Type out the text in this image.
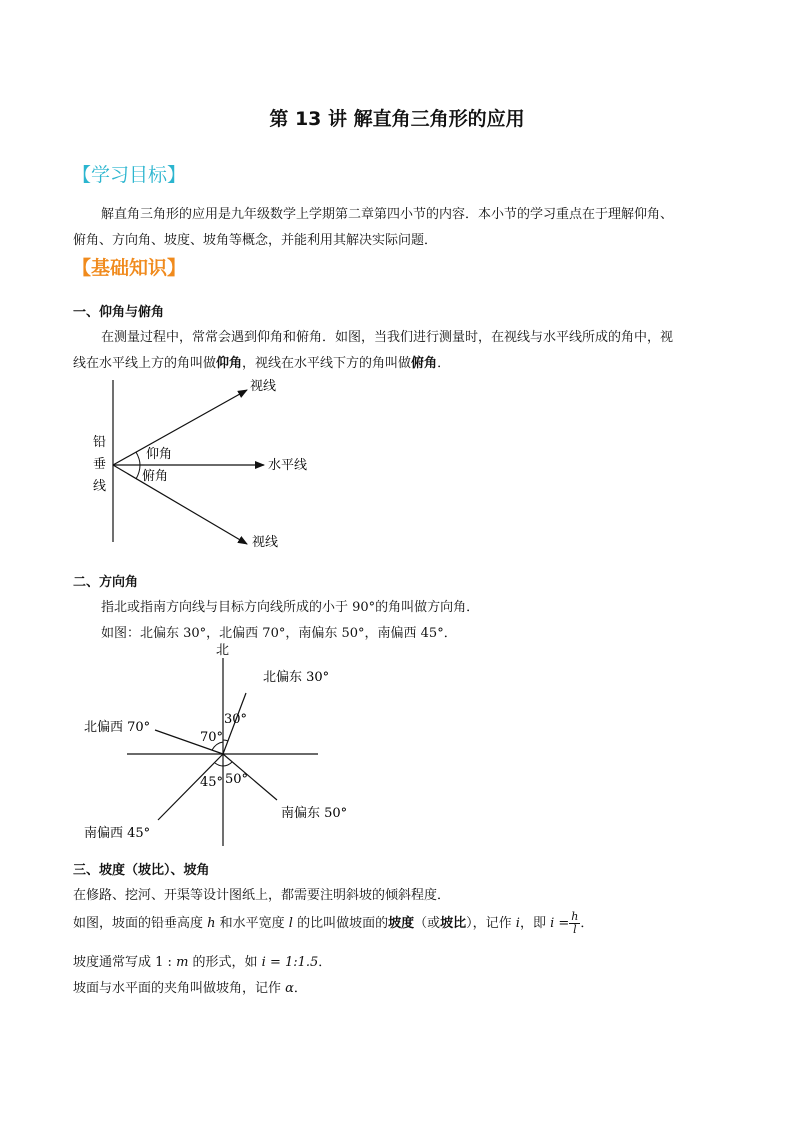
第 13 讲 解直角三角形的应用
【学习目标】
解直角三角形的应用是九年级数学上学期第二章第四小节的内容．本小节的学习重点在于理解仰角、
俯角、方向角、坡度、坡角等概念，并能利用其解决实际问题．
【基础知识】
一、仰角与俯角
在测量过程中，常常会遇到仰角和俯角．如图，当我们进行测量时，在视线与水平线所成的角中，视
线在水平线上方的角叫做仰角，视线在水平线下方的角叫做俯角．
视线
视线
水平线
铅
垂
线
仰角
俯角
二、方向角
指北或指南方向线与目标方向线所成的小于 90°的角叫做方向角．
如图：北偏东 30°，北偏西 70°，南偏东 50°，南偏西 45°．
北
北偏东 30°
北偏西 70°
南偏东 50°
南偏西 45°
30°
70°
45° 50°
三、坡度（坡比）、坡角
在修路、挖河、开渠等设计图纸上，都需要注明斜坡的倾斜程度．
如图，坡面的铅垂高度 h 和水平宽度 l 的比叫做坡面的坡度（或坡比），记作 i，即 $i = \frac{h}{l}$ ．
坡度通常写成 1 : m 的形式，如 i = 1:1.5．
坡面与水平面的夹角叫做坡角，记作 α．
